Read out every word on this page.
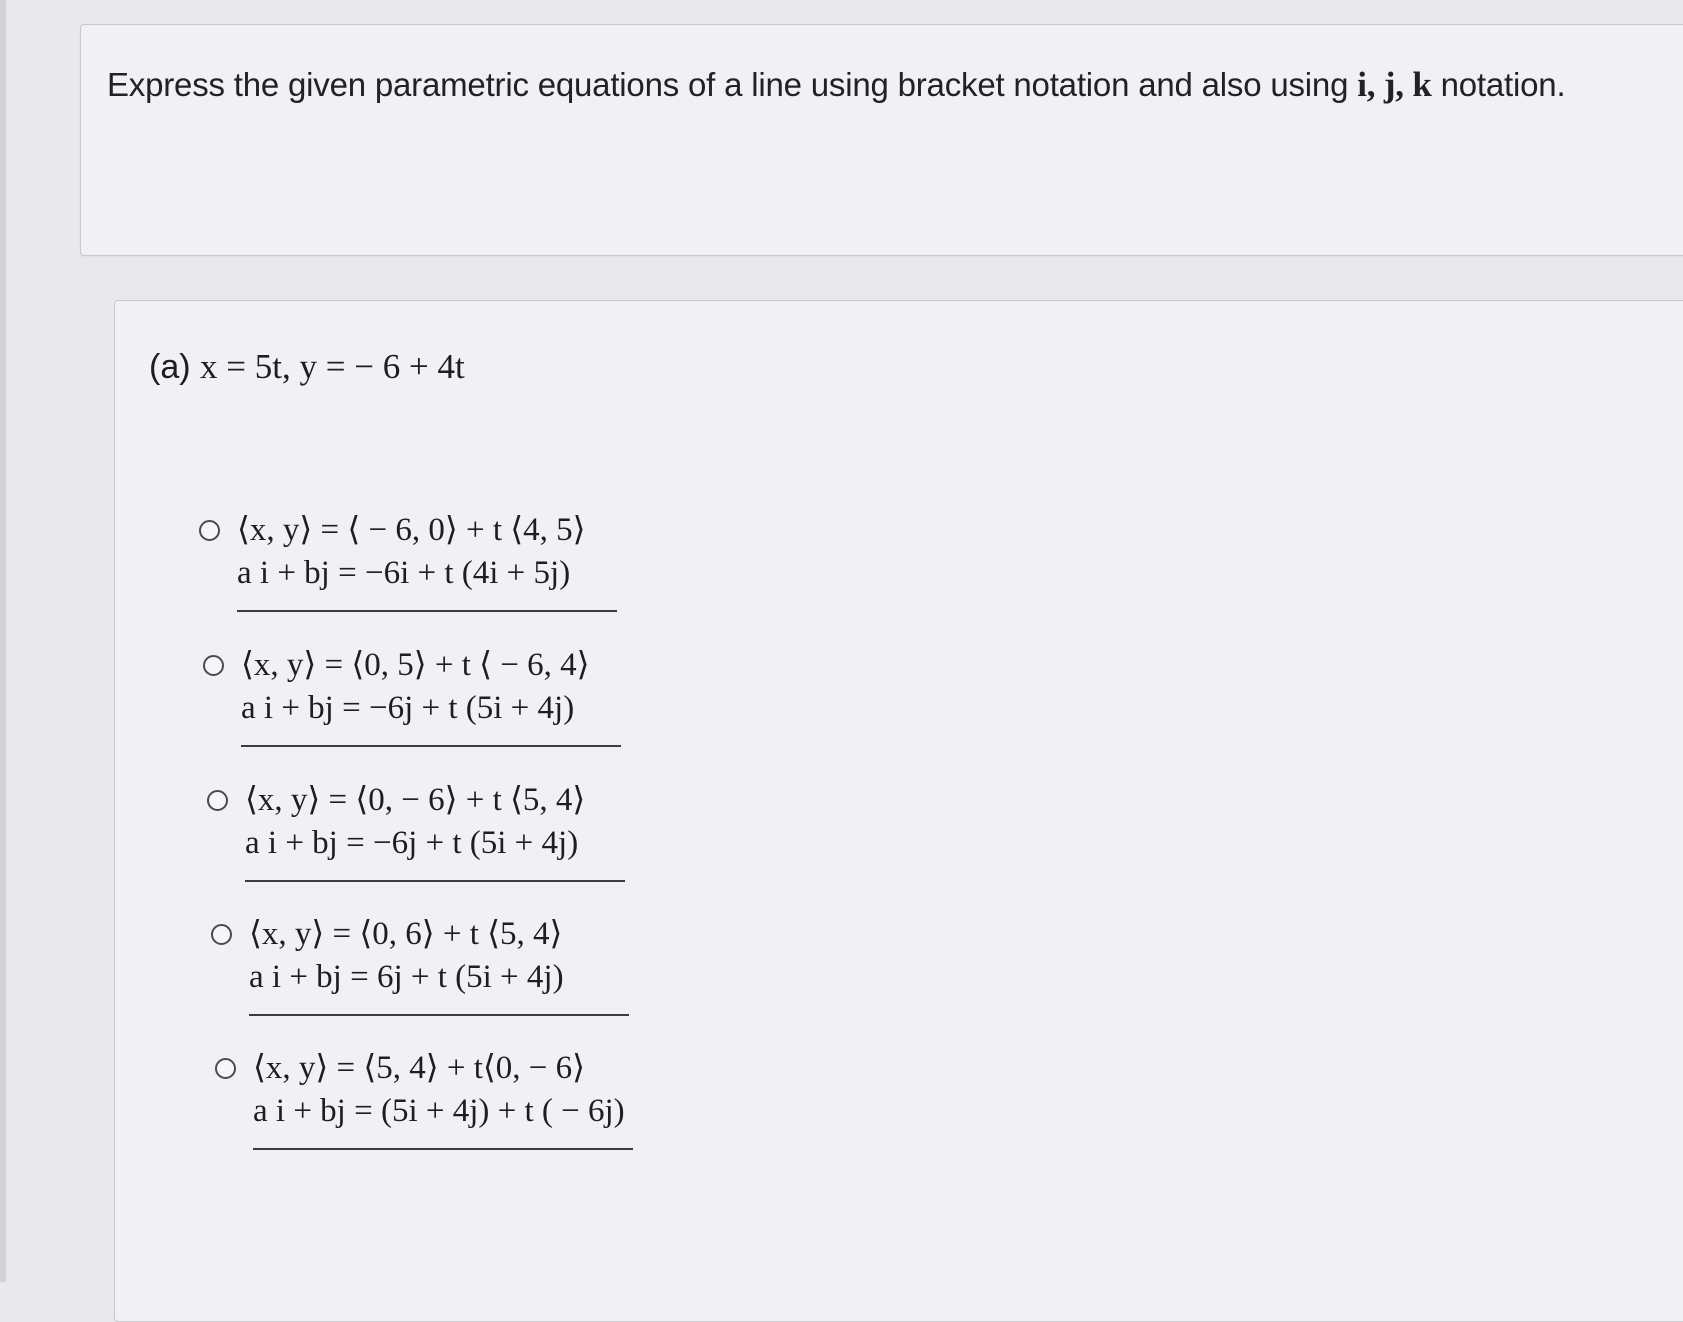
Express the given parametric equations of a line using bracket notation and also using i, j, k notation.
(a) x = 5t, y = − 6 + 4t
⟨x, y⟩ = ⟨ − 6, 0⟩ + t ⟨4, 5⟩
a i + bj = −6i + t (4i + 5j)
⟨x, y⟩ = ⟨0, 5⟩ + t ⟨ − 6, 4⟩
a i + bj = −6j + t (5i + 4j)
⟨x, y⟩ = ⟨0, − 6⟩ + t ⟨5, 4⟩
a i + bj = −6j + t (5i + 4j)
⟨x, y⟩ = ⟨0, 6⟩ + t ⟨5, 4⟩
a i + bj = 6j + t (5i + 4j)
⟨x, y⟩ = ⟨5, 4⟩ + t⟨0, − 6⟩
a i + bj = (5i + 4j) + t ( − 6j)
